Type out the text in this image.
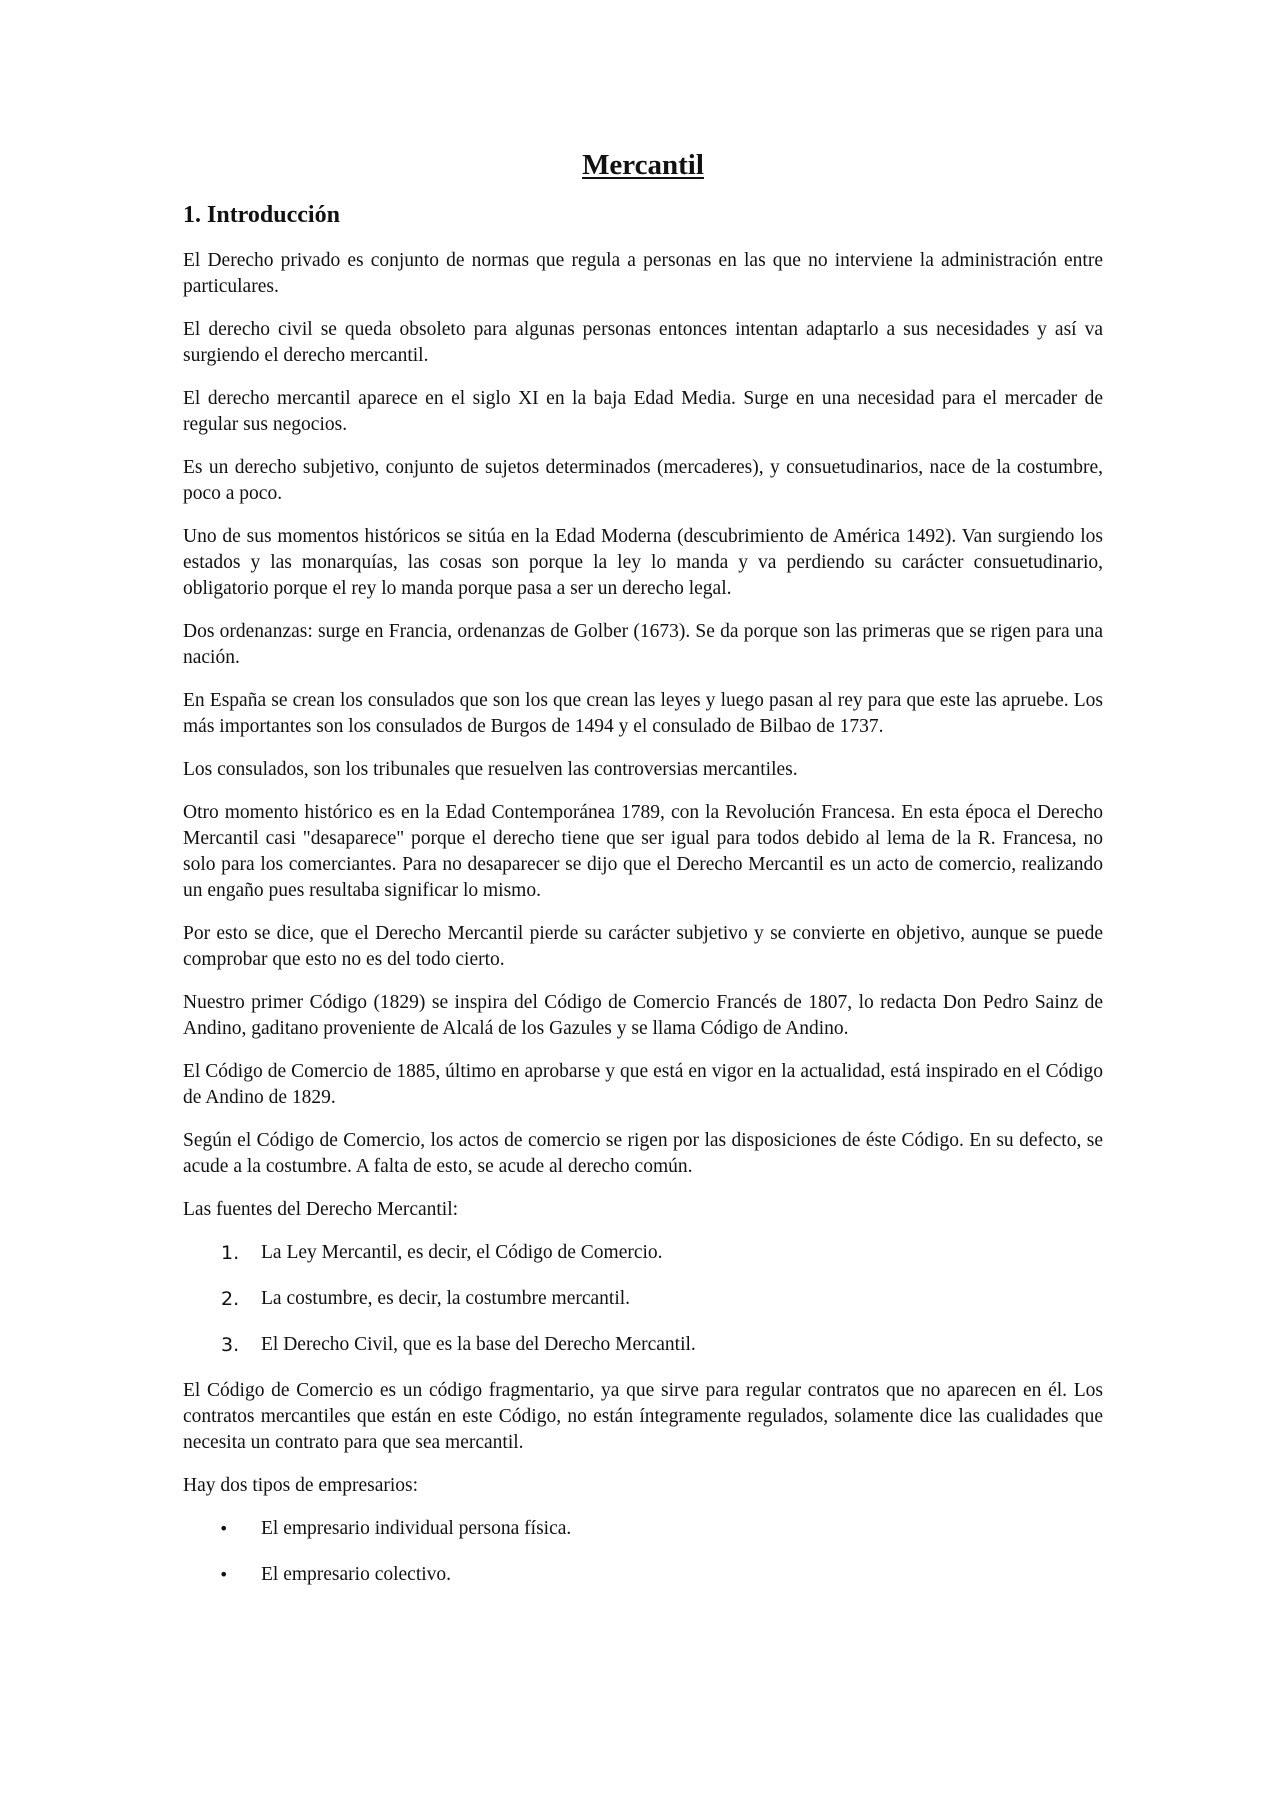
Mercantil
1. Introducción

El Derecho privado es conjunto de normas que regula a personas en las que no interviene la administración entre particulares.

El derecho civil se queda obsoleto para algunas personas entonces intentan adaptarlo a sus necesidades y así va surgiendo el derecho mercantil.

El derecho mercantil aparece en el siglo XI en la baja Edad Media. Surge en una necesidad para el mercader de regular sus negocios.

Es un derecho subjetivo, conjunto de sujetos determinados (mercaderes), y consuetudinarios, nace de la costumbre, poco a poco.

Uno de sus momentos históricos se sitúa en la Edad Moderna (descubrimiento de América 1492). Van surgiendo los estados y las monarquías, las cosas son porque la ley lo manda y va perdiendo su carácter consuetudinario, obligatorio porque el rey lo manda porque pasa a ser un derecho legal.

Dos ordenanzas: surge en Francia, ordenanzas de Golber (1673). Se da porque son las primeras que se rigen para una nación.

En España se crean los consulados que son los que crean las leyes y luego pasan al rey para que este las apruebe. Los más importantes son los consulados de Burgos de 1494 y el consulado de Bilbao de 1737.

Los consulados, son los tribunales que resuelven las controversias mercantiles.

Otro momento histórico es en la Edad Contemporánea 1789, con la Revolución Francesa. En esta época el Derecho Mercantil casi "desaparece" porque el derecho tiene que ser igual para todos debido al lema de la R. Francesa, no solo para los comerciantes. Para no desaparecer se dijo que el Derecho Mercantil es un acto de comercio, realizando un engaño pues resultaba significar lo mismo.

Por esto se dice, que el Derecho Mercantil pierde su carácter subjetivo y se convierte en objetivo, aunque se puede comprobar que esto no es del todo cierto.

Nuestro primer Código (1829) se inspira del Código de Comercio Francés de 1807, lo redacta Don Pedro Sainz de Andino, gaditano proveniente de Alcalá de los Gazules y se llama Código de Andino.

El Código de Comercio de 1885, último en aprobarse y que está en vigor en la actualidad, está inspirado en el Código de Andino de 1829.

Según el Código de Comercio, los actos de comercio se rigen por las disposiciones de éste Código. En su defecto, se acude a la costumbre. A falta de esto, se acude al derecho común.

Las fuentes del Derecho Mercantil:

1.	La Ley Mercantil, es decir, el Código de Comercio.
2.	La costumbre, es decir, la costumbre mercantil.
3.	El Derecho Civil, que es la base del Derecho Mercantil.

El Código de Comercio es un código fragmentario, ya que sirve para regular contratos que no aparecen en él. Los contratos mercantiles que están en este Código, no están íntegramente regulados, solamente dice las cualidades que necesita un contrato para que sea mercantil.

Hay dos tipos de empresarios:

•	El empresario individual persona física.
•	El empresario colectivo.
